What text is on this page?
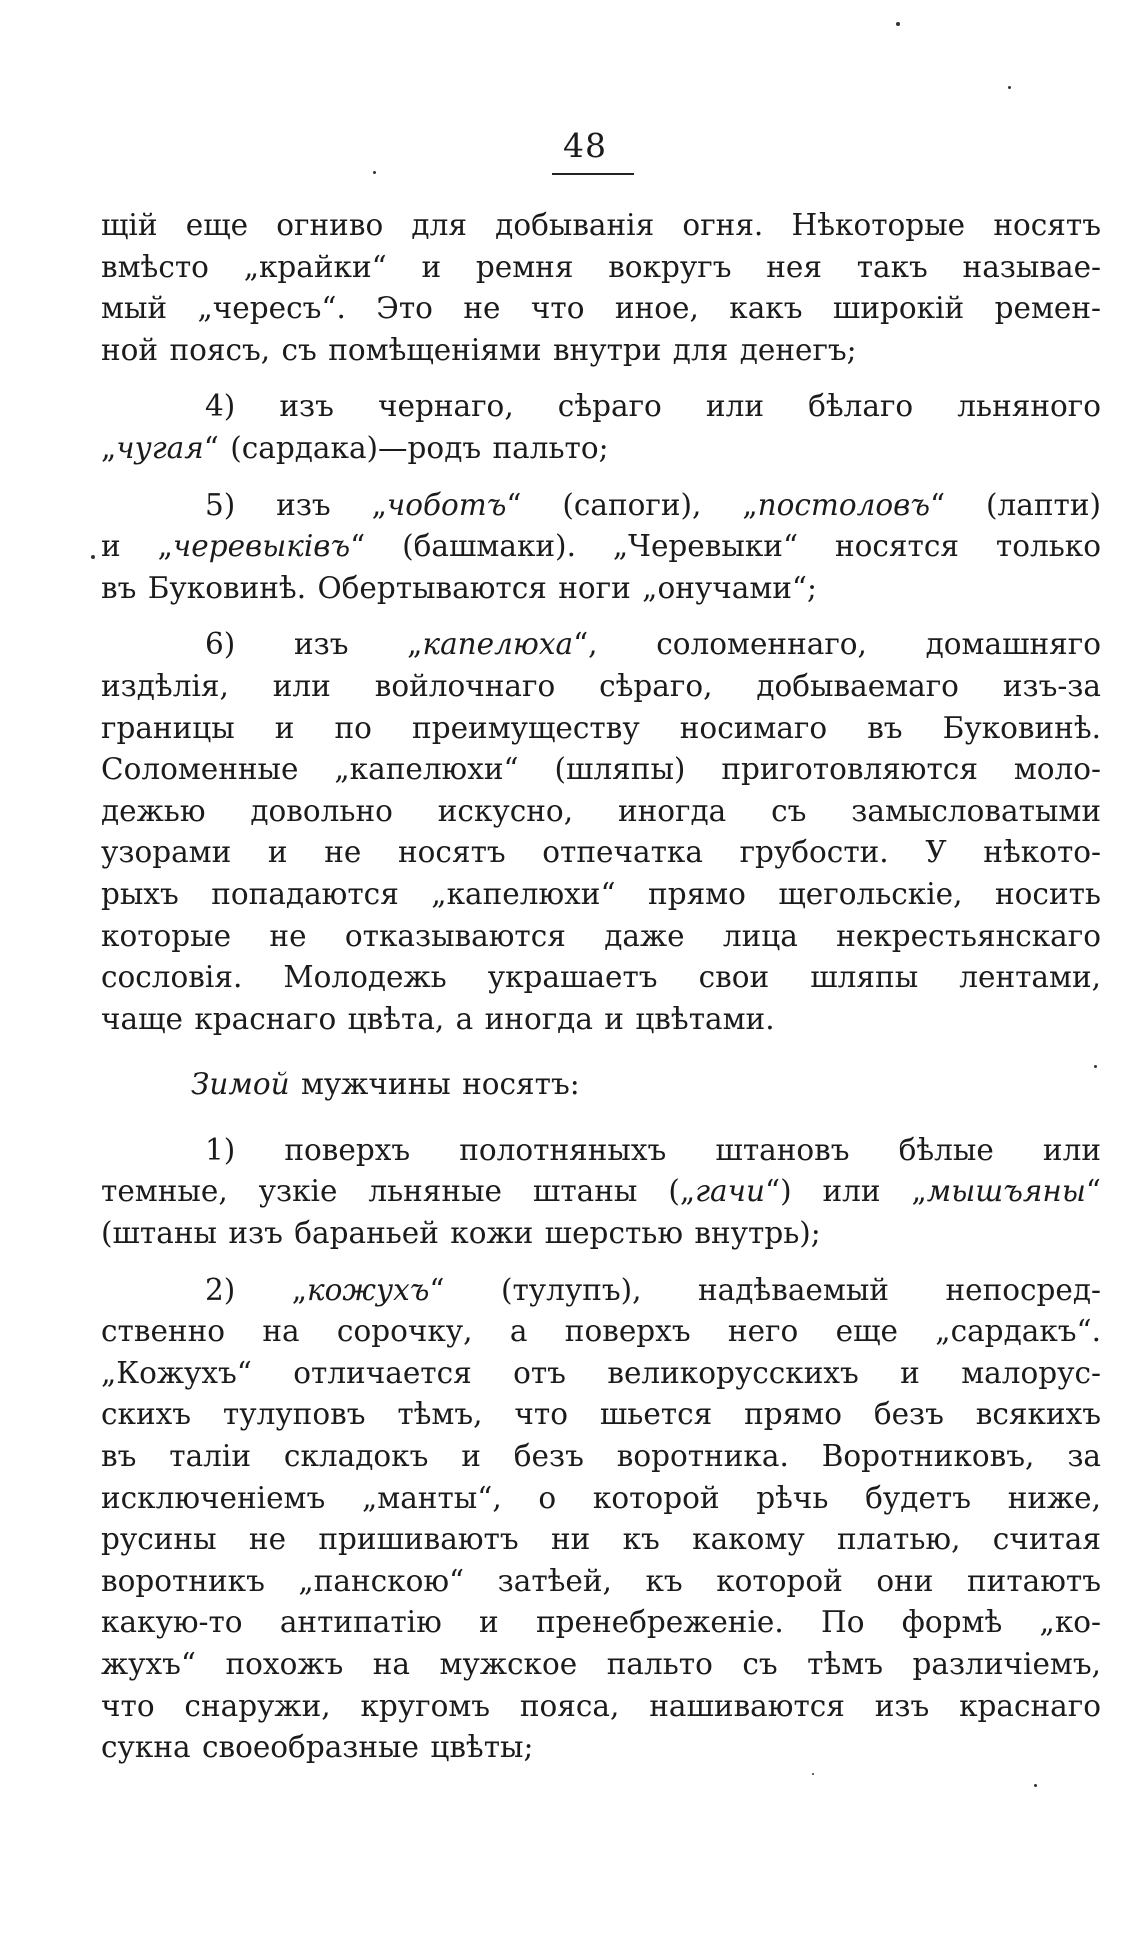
48
щій еще огниво для добыванія огня. Нѣкоторые носятъ
вмѣсто „крайки“ и ремня вокругъ нея такъ называе-
мый „чересъ“. Это не что иное, какъ широкій ремен-
ной поясъ, съ помѣщеніями внутри для денегъ;
4) изъ чернаго, сѣраго или бѣлаго льняного
„чугая“ (сардака)—родъ пальто;
5) изъ „чоботъ“ (сапоги), „постоловъ“ (лапти)
и „черевыківъ“ (башмаки). „Черевыки“ носятся только
въ Буковинѣ. Обертываются ноги „онучами“;
6) изъ „капелюха“, соломеннаго, домашняго
издѣлія, или войлочнаго сѣраго, добываемаго изъ-за
границы и по преимуществу носимаго въ Буковинѣ.
Соломенные „капелюхи“ (шляпы) приготовляются моло-
дежью довольно искусно, иногда съ замысловатыми
узорами и не носятъ отпечатка грубости. У нѣкото-
рыхъ попадаются „капелюхи“ прямо щегольскіе, носить
которые не отказываются даже лица некрестьянскаго
сословія. Молодежь украшаетъ свои шляпы лентами,
чаще краснаго цвѣта, а иногда и цвѣтами.
Зимой мужчины носятъ:
1) поверхъ полотняныхъ штановъ бѣлые или
темные, узкіе льняные штаны („гачи“) или „мышъяны“
(штаны изъ бараньей кожи шерстью внутрь);
2) „кожухъ“ (тулупъ), надѣваемый непосред-
ственно на сорочку, а поверхъ него еще „сардакъ“.
„Кожухъ“ отличается отъ великорусскихъ и малорус-
скихъ тулуповъ тѣмъ, что шьется прямо безъ всякихъ
въ таліи складокъ и безъ воротника. Воротниковъ, за
исключеніемъ „манты“, о которой рѣчь будетъ ниже,
русины не пришиваютъ ни къ какому платью, считая
воротникъ „панскою“ затѣей, къ которой они питаютъ
какую-то антипатію и пренебреженіе. По формѣ „ко-
жухъ“ похожъ на мужское пальто съ тѣмъ различіемъ,
что снаружи, кругомъ пояса, нашиваются изъ краснаго
сукна своеобразные цвѣты;
